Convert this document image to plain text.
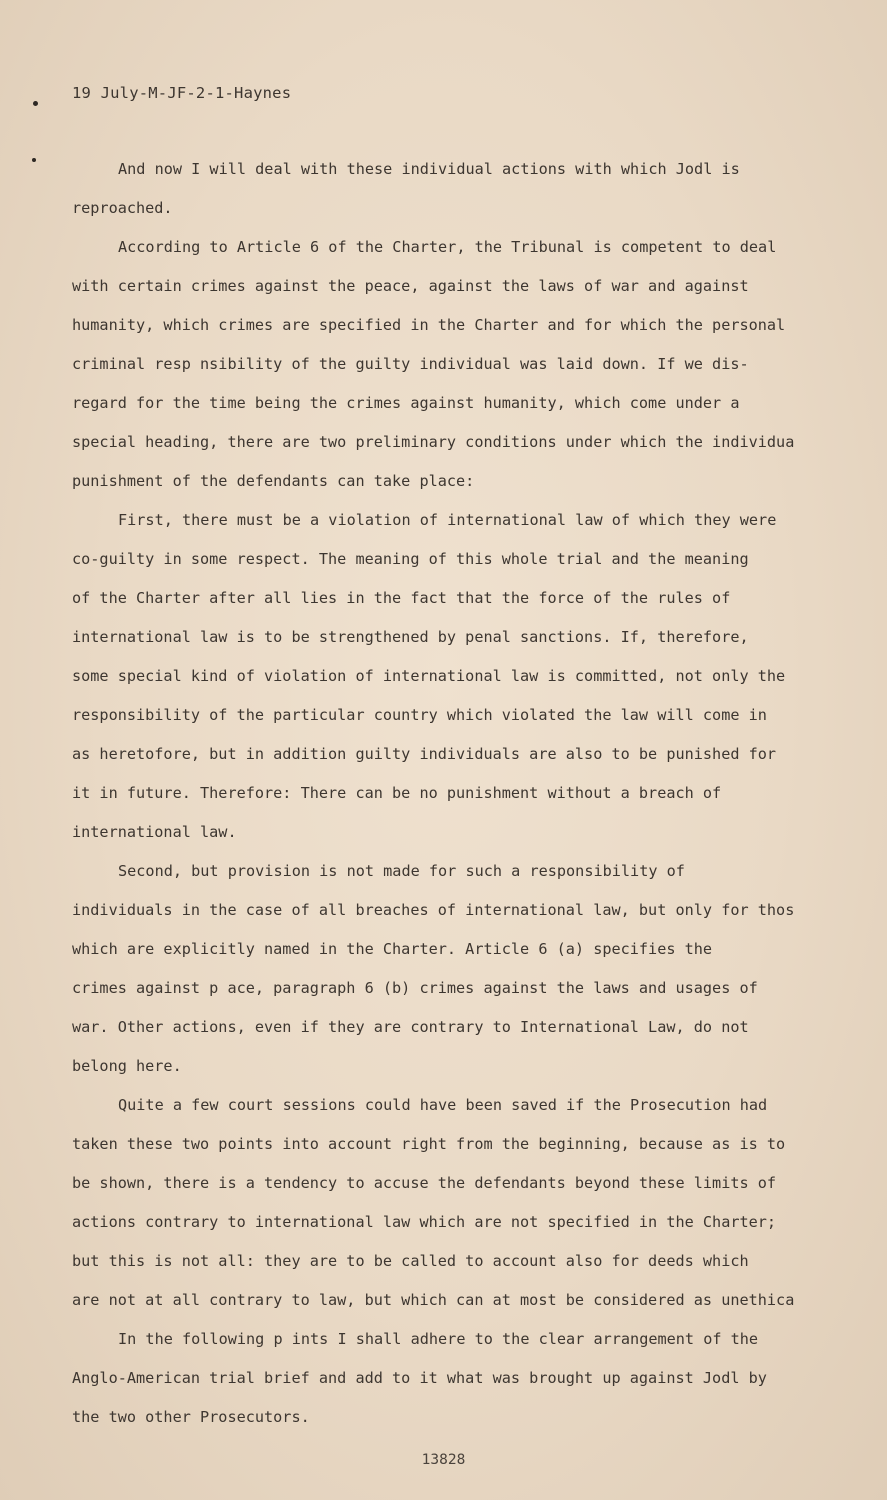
19 July-M-JF-2-1-Haynes
And now I will deal with these individual actions with which Jodl is
reproached.
According to Article 6 of the Charter, the Tribunal is competent to deal
with certain crimes against the peace, against the laws of war and against
humanity, which crimes are specified in the Charter and for which the personal
criminal resp nsibility of the guilty individual was laid down. If we dis-
regard for the time being the crimes against humanity, which come under a
special heading, there are two preliminary conditions under which the individua
punishment of the defendants can take place:
First, there must be a violation of international law of which they were
co-guilty in some respect. The meaning of this whole trial and the meaning
of the Charter after all lies in the fact that the force of the rules of
international law is to be strengthened by penal sanctions. If, therefore,
some special kind of violation of international law is committed, not only the
responsibility of the particular country which violated the law will come in
as heretofore, but in addition guilty individuals are also to be punished for
it in future. Therefore: There can be no punishment without a breach of
international law.
Second, but provision is not made for such a responsibility of
individuals in the case of all breaches of international law, but only for thos
which are explicitly named in the Charter. Article 6 (a) specifies the
crimes against p ace, paragraph 6 (b) crimes against the laws and usages of
war. Other actions, even if they are contrary to International Law, do not
belong here.
Quite a few court sessions could have been saved if the Prosecution had
taken these two points into account right from the beginning, because as is to
be shown, there is a tendency to accuse the defendants beyond these limits of
actions contrary to international law which are not specified in the Charter;
but this is not all: they are to be called to account also for deeds which
are not at all contrary to law, but which can at most be considered as unethica
In the following p ints I shall adhere to the clear arrangement of the
Anglo-American trial brief and add to it what was brought up against Jodl by
the two other Prosecutors.
13828
